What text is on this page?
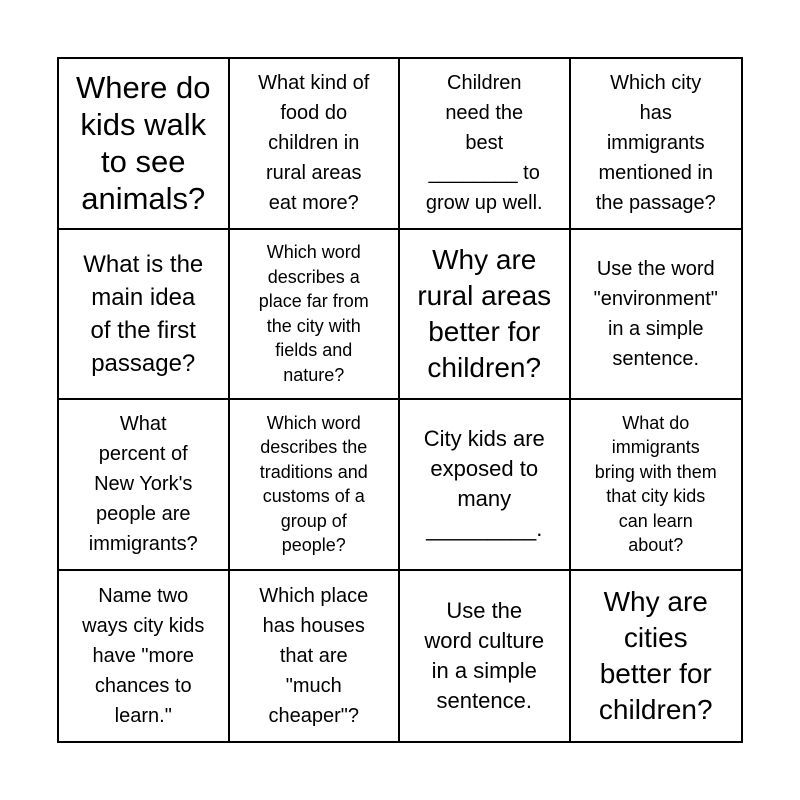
Where do
kids walk
to see
animals?
What kind of
food do
children in
rural areas
eat more?
Children
need the
best
________ to
grow up well.
Which city
has
immigrants
mentioned in
the passage?
What is the
main idea
of the first
passage?
Which word
describes a
place far from
the city with
fields and
nature?
Why are
rural areas
better for
children?
Use the word
"environment"
in a simple
sentence.
What
percent of
New York's
people are
immigrants?
Which word
describes the
traditions and
customs of a
group of
people?
City kids are
exposed to
many
_________.
What do
immigrants
bring with them
that city kids
can learn
about?
Name two
ways city kids
have "more
chances to
learn."
Which place
has houses
that are
"much
cheaper"?
Use the
word culture
in a simple
sentence.
Why are
cities
better for
children?
